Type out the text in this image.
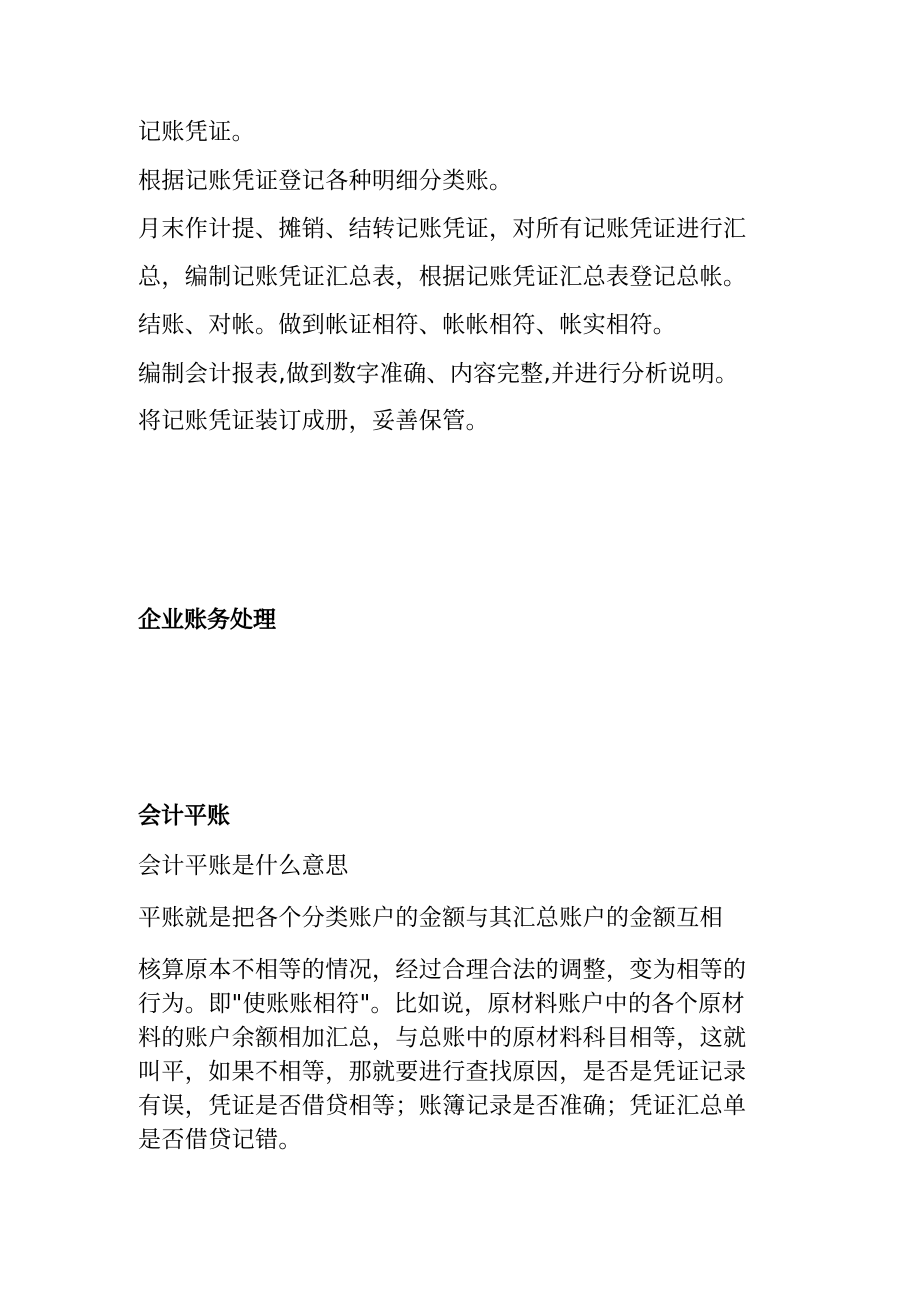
记账凭证。
根据记账凭证登记各种明细分类账。
月末作计提、摊销、结转记账凭证，对所有记账凭证进行汇
总，编制记账凭证汇总表，根据记账凭证汇总表登记总帐。
结账、对帐。做到帐证相符、帐帐相符、帐实相符。
编制会计报表,做到数字准确、内容完整,并进行分析说明。
将记账凭证装订成册，妥善保管。
企业账务处理
会计平账
会计平账是什么意思
平账就是把各个分类账户的金额与其汇总账户的金额互相
核算原本不相等的情况，经过合理合法的调整，变为相等的
行为。即"使账账相符"。比如说，原材料账户中的各个原材
料的账户余额相加汇总，与总账中的原材料科目相等，这就
叫平，如果不相等，那就要进行查找原因，是否是凭证记录
有误，凭证是否借贷相等；账簿记录是否准确；凭证汇总单
是否借贷记错。
